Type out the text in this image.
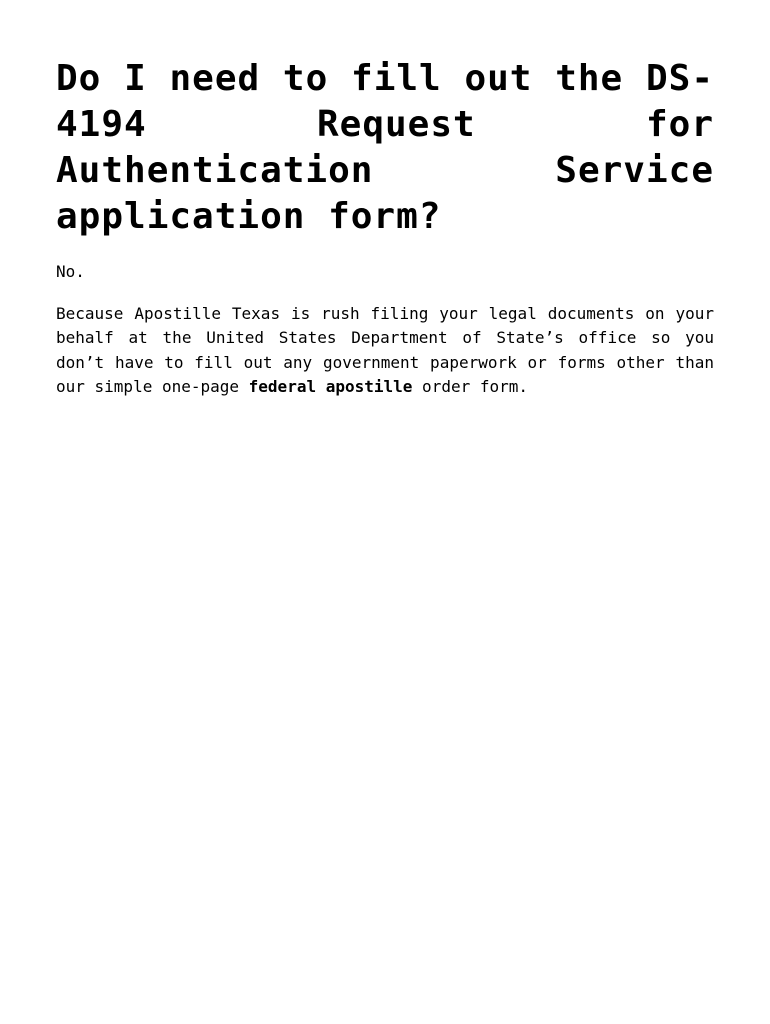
Do I need to fill out the DS-4194 Request for Authentication Service application form?

No.

Because Apostille Texas is rush filing your legal documents on your behalf at the United States Department of State’s office so you don’t have to fill out any government paperwork or forms other than our simple one-page federal apostille order form.
